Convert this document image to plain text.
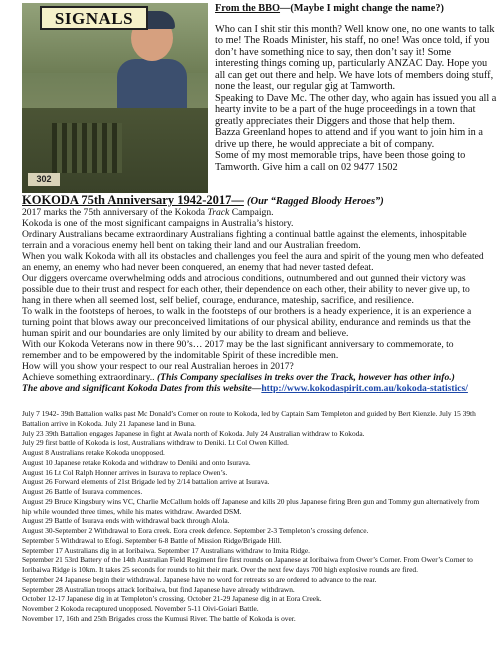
302
SIGNALS

From the BBO—(Maybe I might change the name?)

Who can I shit stir this month? Well know one, no one wants to talk to me! The Roads Minister, his staff, no one! Was once told, if you don’t have something nice to say, then don’t say it! Some interesting things coming up, particularly ANZAC Day. Hope you all can get out there and help. We have lots of members doing stuff, none the least, our regular gig at Tamworth.

Speaking to Dave Mc. The other day, who again has issued you all a hearty invite to be a part of the huge proceedings in a town that greatly appreciates their Diggers and those that help them.

Bazza Greenland hopes to attend and if you want to join him in a drive up there, he would appreciate a bit of company.

Some of my most memorable trips, have been those going to Tamworth. Give him a call on 02 9477 1502

KOKODA 75th Anniversary 1942-2017— (Our “Ragged Bloody Heroes”)

2017 marks the 75th anniversary of the Kokoda Track Campaign.

Kokoda is one of the most significant campaigns in Australia’s history.

Ordinary Australians became extraordinary Australians fighting a continual battle against the elements, inhospitable terrain and a voracious enemy hell bent on taking their land and our Australian freedom.

When you walk Kokoda with all its obstacles and challenges you feel the aura and spirit of the young men who defeated an enemy, an enemy who had never been conquered, an enemy that had never tasted defeat.

Our diggers overcame overwhelming odds and atrocious conditions, outnumbered and out gunned their victory was possible due to their trust and respect for each other, their dependence on each other, their ability to never give up, to hang in there when all seemed lost, self belief, courage, endurance, mateship, sacrifice, and resilience.

To walk in the footsteps of heroes, to walk in the footsteps of our brothers is a heady experience, it is an experience a turning point that blows away our preconceived limitations of our physical ability, endurance and reminds us that the human spirit and our boundaries are only limited by our ability to dream and believe.

With our Kokoda Veterans now in there 90’s… 2017 may be the last significant anniversary to commemorate, to remember and to be empowered by the indomitable Spirit of these incredible men.

How will you show your respect to our real Australian heroes in 2017?

Achieve something extraordinary.. (This Company specialises in treks over the Track, however has other info.)

The above and significant Kokoda Dates from this website—http://www.kokodaspirit.com.au/kokoda-statistics/

July 7 1942- 39th Battalion walks past Mc Donald’s Corner on route to Kokoda, led by Captain Sam Templeton and guided by Bert Kienzle. July 15 39th Battalion arrive in Kokoda. July 21 Japanese land in Buna.

July 23 39th Battalion engages Japanese in fight at Awala north of Kokoda. July 24 Australian withdraw to Kokoda.

July 29 first battle of Kokoda is lost, Australians withdraw to Deniki. Lt Col Owen Killed.

August 8 Australians retake Kokoda unopposed.

August 10 Japanese retake Kokoda and withdraw to Deniki and onto Isurava.

August 16 Lt Col Ralph Honner arrives in Isurava to replace Owen’s.

August 26 Forward elements of 21st Brigade led by 2/14 battalion arrive at Isurava.

August 26 Battle of Isurava commences.

August 29 Bruce Kingsbury wins VC, Charlie McCallum holds off Japanese and kills 20 plus Japanese firing Bren gun and Tommy gun alternatively from hip while wounded three times, while his mates withdraw. Awarded DSM.

August 29 Battle of Isurava ends with withdrawal back through Alola.

August 30-September 2 Withdrawal to Eora creek. Eora creek defence. September 2-3 Templeton’s crossing defence.

September 5 Withdrawal to Efogi. September 6-8 Battle of Mission Ridge/Brigade Hill.

September 17 Australians dig in at Ioribaiwa. September 17 Australians withdraw to Imita Ridge.

September 21 53rd Battery of the 14th Australian Field Regiment fire first rounds on Japanese at Ioribaiwa from Ower’s Corner. From Ower’s Corner to Ioribaiwa Ridge is 10km. It takes 25 seconds for rounds to hit their mark. Over the next few days 700 high explosive rounds are fired.

September 24 Japanese begin their withdrawal. Japanese have no word for retreats so are ordered to advance to the rear.

September 28 Australian troops attack Ioribaiwa, but find Japanese have already withdrawn.

October 12-17 Japanese dig in at Templeton’s crossing. October 21-29 Japanese dig in at Eora Creek.

November 2 Kokoda recaptured unopposed. November 5-11 Oivi-Goiari Battle.

November 17, 16th and 25th Brigades cross the Kumusi River. The battle of Kokoda is over.
